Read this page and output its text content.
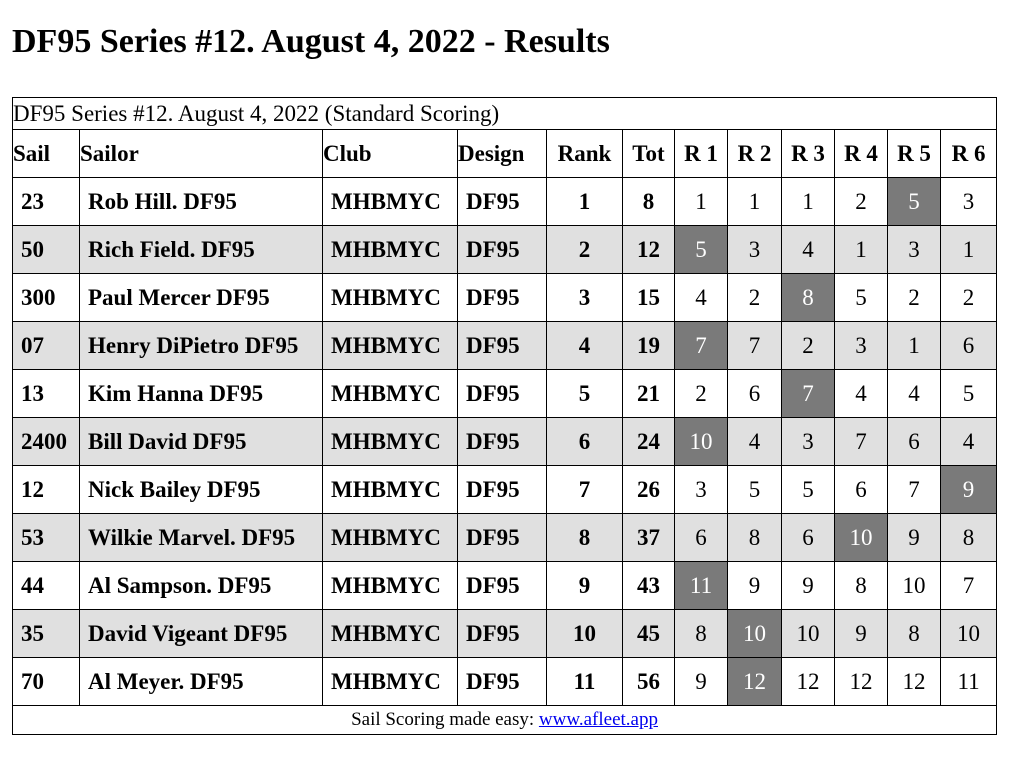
DF95 Series #12. August 4, 2022 - Results
DF95 Series #12. August 4, 2022 (Standard Scoring)											
Sail	Sailor	Club	Design	Rank	Tot	R 1	R 2	R 3	R 4	R 5	R 6
23	Rob Hill. DF95	MHBMYC	DF95	1	8	1	1	1	2	5	3
50	Rich Field. DF95	MHBMYC	DF95	2	12	5	3	4	1	3	1
300	Paul Mercer DF95	MHBMYC	DF95	3	15	4	2	8	5	2	2
07	Henry DiPietro DF95	MHBMYC	DF95	4	19	7	7	2	3	1	6
13	Kim Hanna DF95	MHBMYC	DF95	5	21	2	6	7	4	4	5
2400	Bill David DF95	MHBMYC	DF95	6	24	10	4	3	7	6	4
12	Nick Bailey DF95	MHBMYC	DF95	7	26	3	5	5	6	7	9
53	Wilkie Marvel. DF95	MHBMYC	DF95	8	37	6	8	6	10	9	8
44	Al Sampson. DF95	MHBMYC	DF95	9	43	11	9	9	8	10	7
35	David Vigeant DF95	MHBMYC	DF95	10	45	8	10	10	9	8	10
70	Al Meyer. DF95	MHBMYC	DF95	11	56	9	12	12	12	12	11
Sail Scoring made easy: www.afleet.app											
